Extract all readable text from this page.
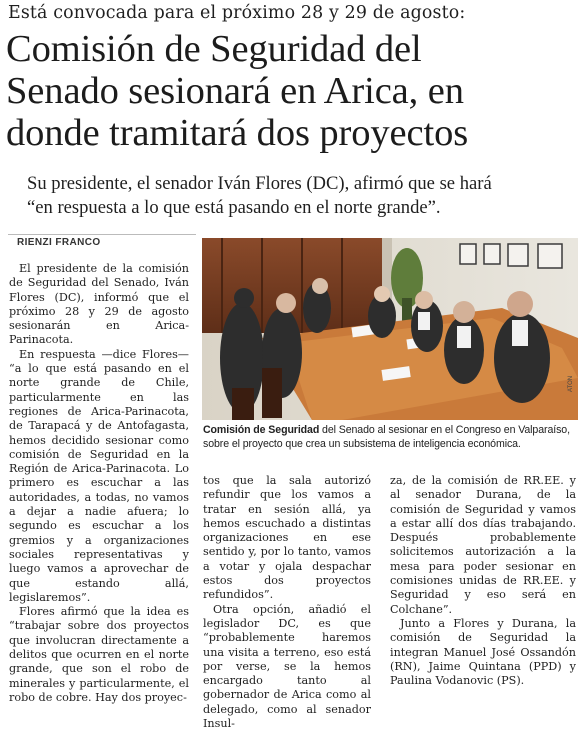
Está convocada para el próximo 28 y 29 de agosto:
Comisión de Seguridad del
Senado sesionará en Arica, en
donde tramitará dos proyectos
Su presidente, el senador Iván Flores (DC), afirmó que se hará
“en respuesta a lo que está pasando en el norte grande”.
RIENZI FRANCO

El presidente de la comisión de Seguridad del Senado, Iván Flores (DC), informó que el próximo 28 y 29 de agosto sesionarán en Arica-Parinacota.

En respuesta —dice Flores— “a lo que está pasando en el norte grande de Chile, particularmente en las regiones de Arica-Parinacota, de Tarapacá y de Antofagasta, hemos decidido sesionar como comisión de Seguridad en la Región de Arica-Parinacota. Lo primero es escuchar a las autoridades, a todas, no vamos a dejar a nadie afuera; lo segundo es escuchar a los gremios y a organizaciones sociales representativas y luego vamos a aprovechar de que estando allá, legislaremos”.

Flores afirmó que la idea es “trabajar sobre dos proyectos que involucran directamente a delitos que ocurren en el norte grande, que son el robo de minerales y particularmente, el robo de cobre. Hay dos proyec-

ATON
Comisión de Seguridad del Senado al sesionar en el Congreso en Valparaíso, sobre el proyecto que crea un subsistema de inteligencia económica.

tos que la sala autorizó refundir que los vamos a tratar en sesión allá, ya hemos escuchado a distintas organizaciones en ese sentido y, por lo tanto, vamos a votar y ojala despachar estos dos proyectos refundidos”.

Otra opción, añadió el legislador DC, es que “probablemente haremos una visita a terreno, eso está por verse, se la hemos encargado tanto al gobernador de Arica como al delegado, como al senador Insul-

za, de la comisión de RR.EE. y al senador Durana, de la comisión de Seguridad y vamos a estar allí dos días trabajando. Después probablemente solicitemos autorización a la mesa para poder sesionar en comisiones unidas de RR.EE. y Seguridad y eso será en Colchane”.

Junto a Flores y Durana, la comisión de Seguridad la integran Manuel José Ossandón (RN), Jaime Quintana (PPD) y Paulina Vodanovic (PS).
